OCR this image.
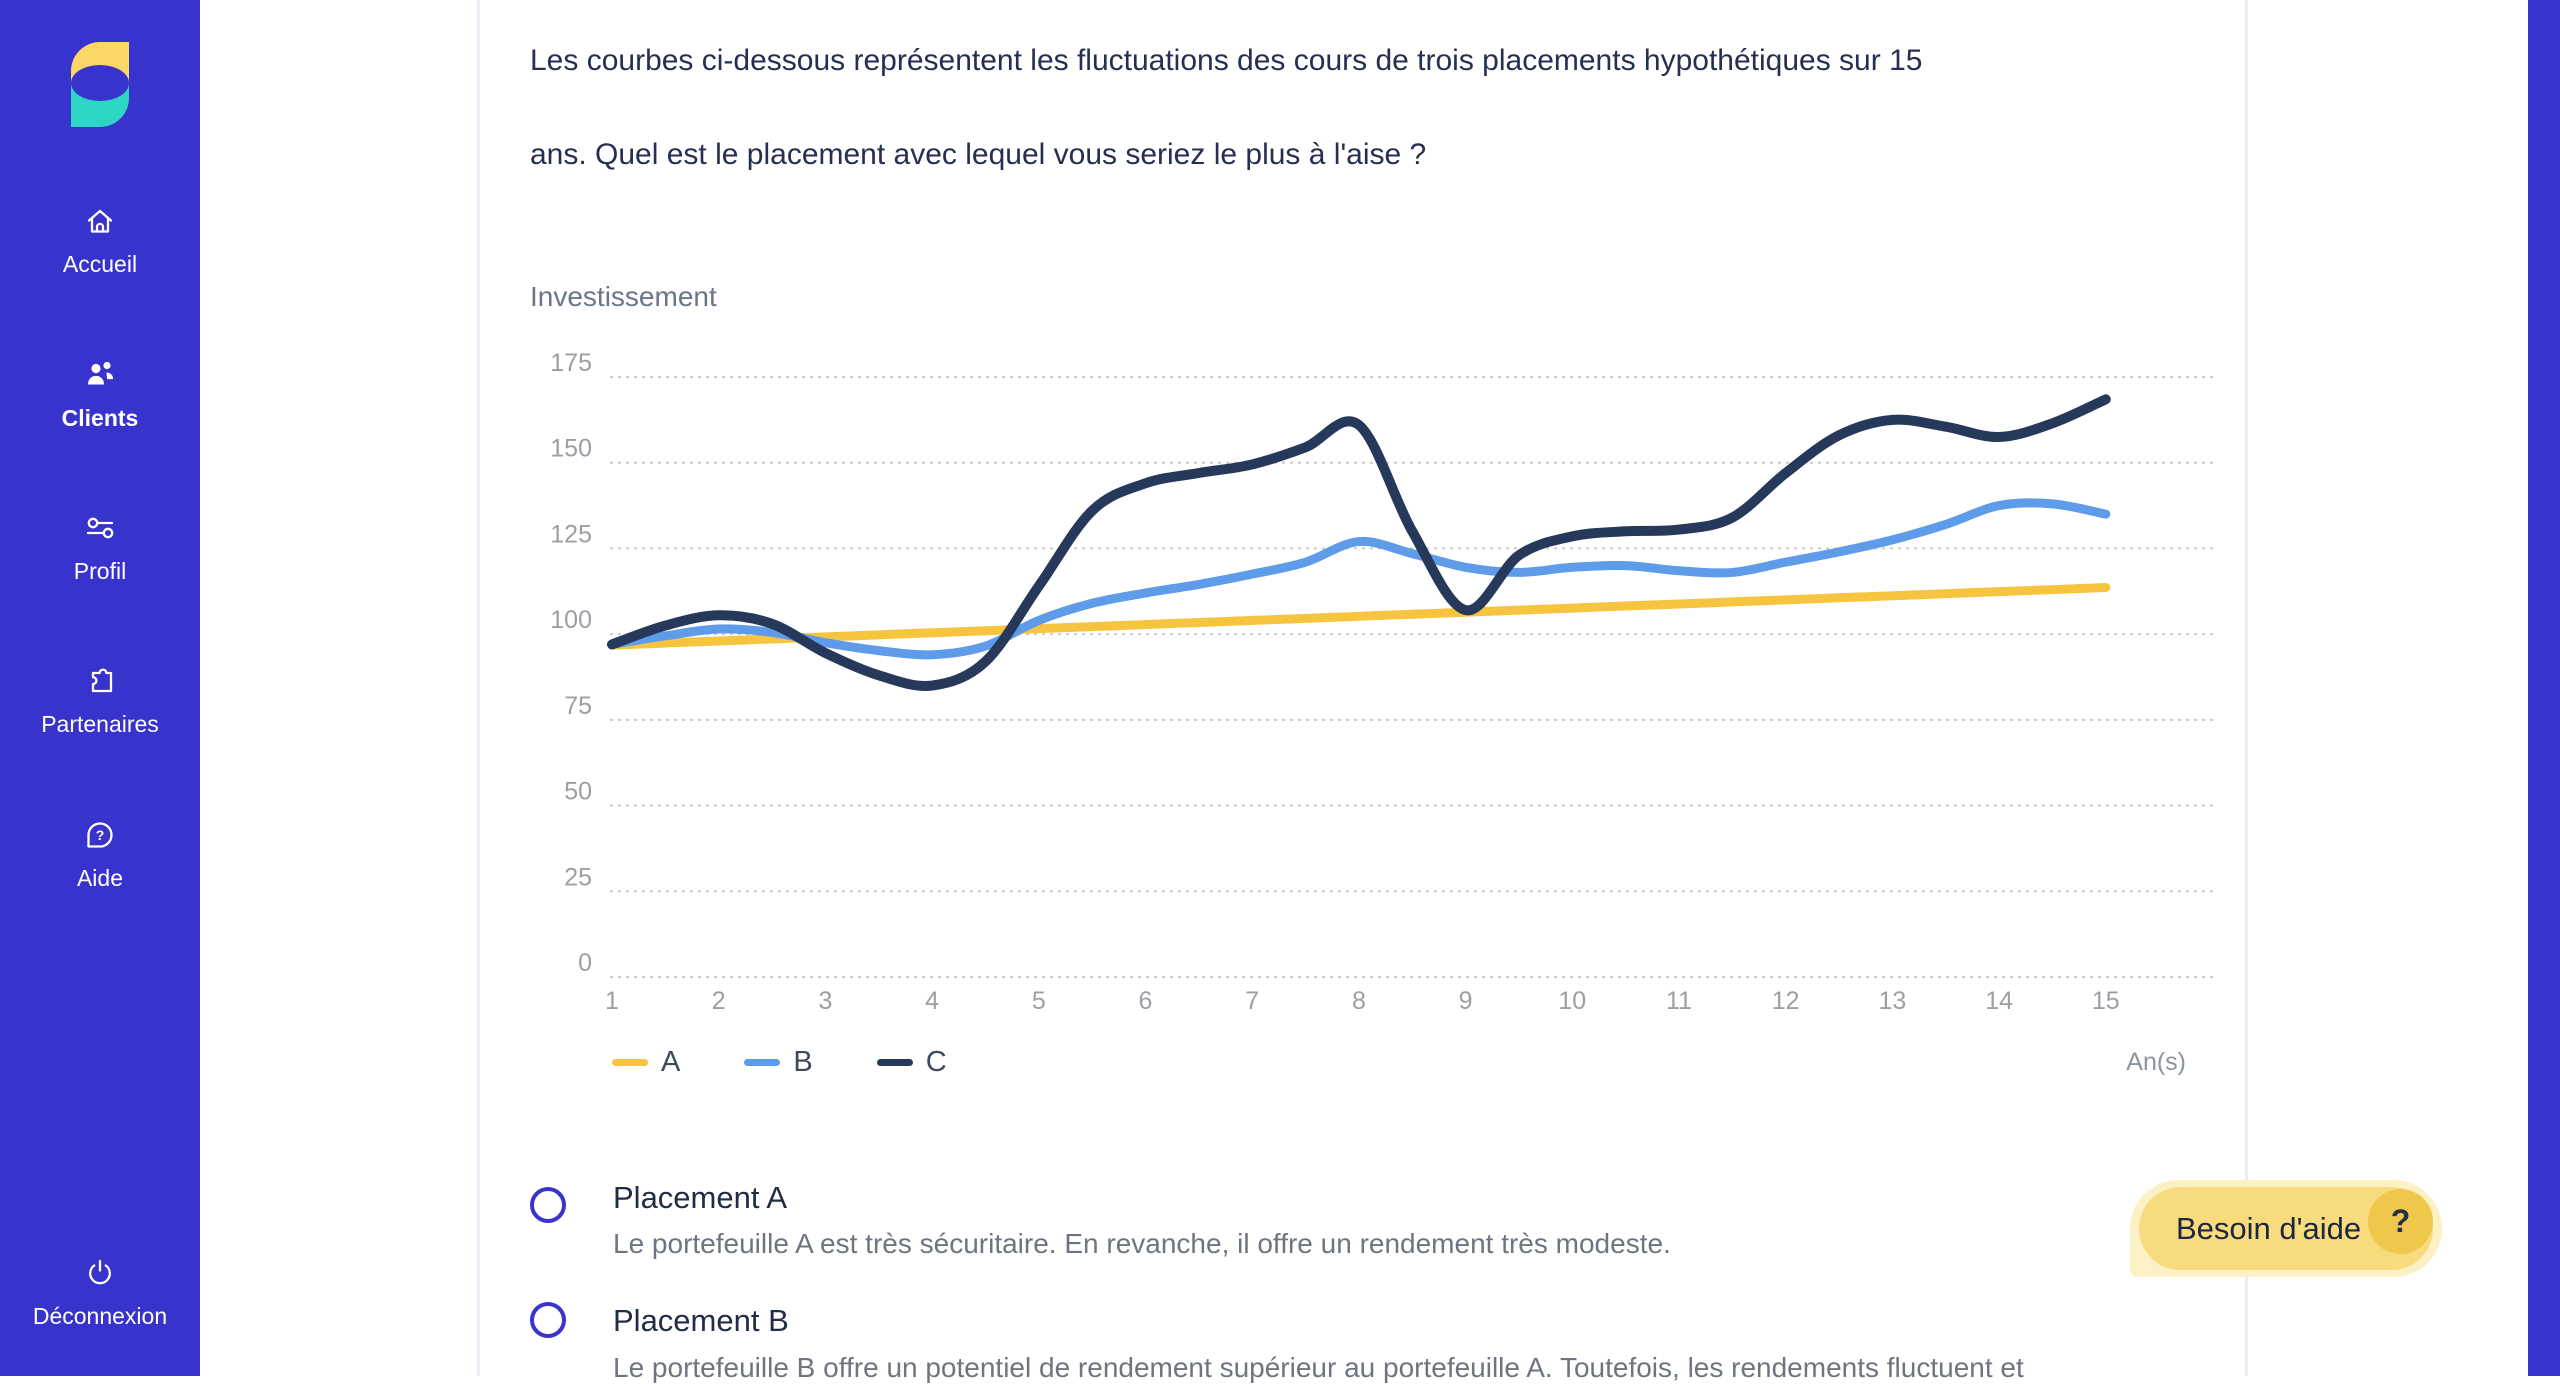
Accueil
Clients
Profil
Partenaires
?
Aide
Déconnexion
Les courbes ci-dessous représentent les fluctuations des cours de trois placements hypothétiques sur 15
ans. Quel est le placement avec lequel vous seriez le plus à l'aise ?
Investissement
0
25
50
75
100
125
150
175
1	2	3	4	5	6	7	8	9	10	11	12	13	14	15
A	B	C	An(s)
Placement A
Le portefeuille A est très sécuritaire. En revanche, il offre un rendement très modeste.
Placement B
Le portefeuille B offre un potentiel de rendement supérieur au portefeuille A. Toutefois, les rendements fluctuent et
Besoin d'aide ?
